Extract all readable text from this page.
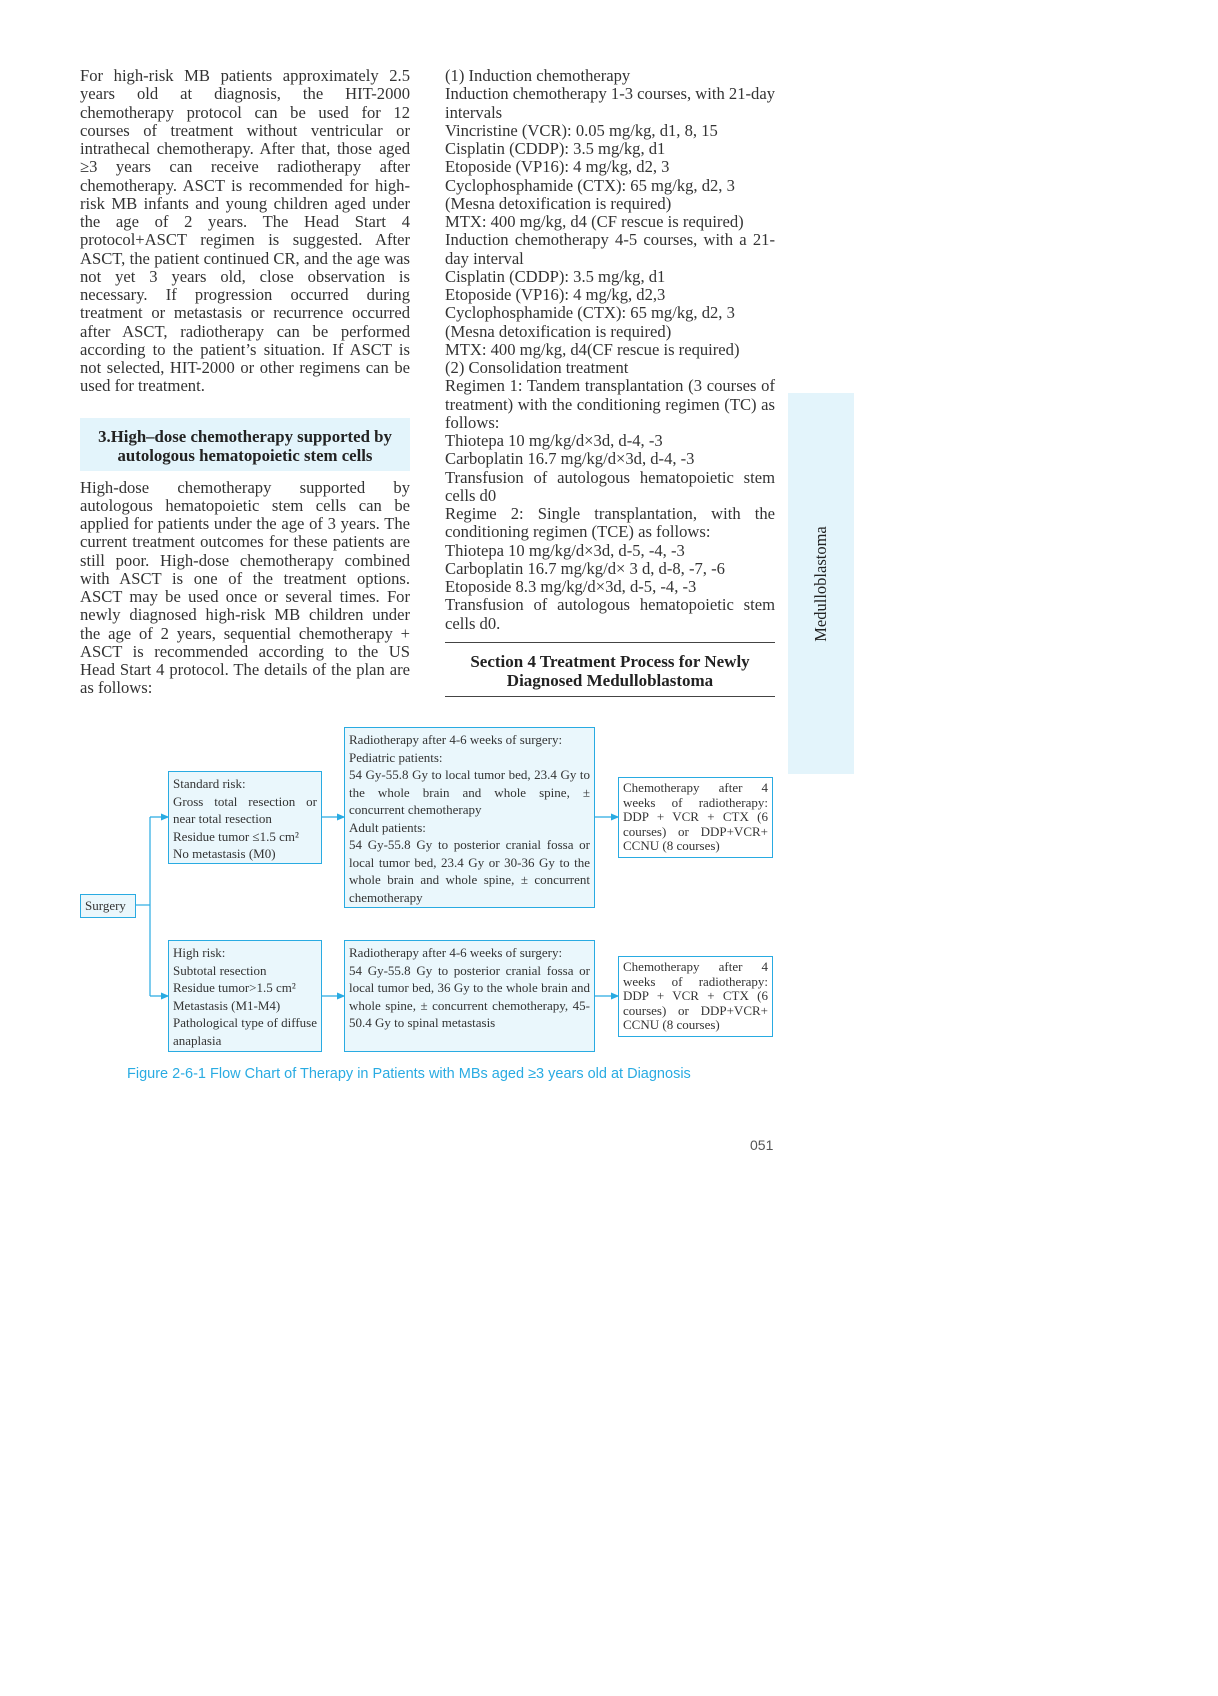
For high-risk MB patients approximately 2.5 years old at diagnosis, the HIT-2000 chemotherapy protocol can be used for 12 courses of treatment without ventricular or intrathecal chemotherapy. After that, those aged ≥3 years can receive radiotherapy after chemotherapy. ASCT is recommended for high-risk MB infants and young children aged under the age of 2 years. The Head Start 4 protocol+ASCT regimen is suggested. After ASCT, the patient continued CR, and the age was not yet 3 years old, close observation is necessary. If progression occurred during treatment or metastasis or recurrence occurred after ASCT, radiotherapy can be performed according to the patient’s situation. If ASCT is not selected, HIT-2000 or other regimens can be used for treatment.

3.High–dose chemotherapy supported by
autologous hematopoietic stem cells

High-dose chemotherapy supported by autologous hematopoietic stem cells can be applied for patients under the age of 3 years. The current treatment outcomes for these patients are still poor. High-dose chemotherapy combined with ASCT is one of the treatment options. ASCT may be used once or several times. For newly diagnosed high-risk MB children under the age of 2 years, sequential chemotherapy + ASCT is recommended according to the US Head Start 4 protocol. The details of the plan are as follows:

(1) Induction chemotherapy

Induction chemotherapy 1-3 courses, with 21-day intervals

Vincristine (VCR): 0.05 mg/kg, d1, 8, 15

Cisplatin (CDDP): 3.5 mg/kg, d1

Etoposide (VP16): 4 mg/kg, d2, 3

Cyclophosphamide (CTX): 65 mg/kg, d2, 3

(Mesna detoxification is required)

MTX: 400 mg/kg, d4 (CF rescue is required)

Induction chemotherapy 4-5 courses, with a 21-day interval

Cisplatin (CDDP): 3.5 mg/kg, d1

Etoposide (VP16): 4 mg/kg, d2,3

Cyclophosphamide (CTX): 65 mg/kg, d2, 3

(Mesna detoxification is required)

MTX: 400 mg/kg, d4(CF rescue is required)

(2) Consolidation treatment

Regimen 1: Tandem transplantation (3 courses of treatment) with the conditioning regimen (TC) as follows:

Thiotepa 10 mg/kg/d×3d, d-4, -3

Carboplatin 16.7 mg/kg/d×3d, d-4, -3

Transfusion of autologous hematopoietic stem cells d0

Regime 2: Single transplantation, with the conditioning regimen (TCE) as follows:

Thiotepa 10 mg/kg/d×3d, d-5, -4, -3

Carboplatin 16.7 mg/kg/d× 3 d, d-8, -7, -6

Etoposide 8.3 mg/kg/d×3d, d-5, -4, -3

Transfusion of autologous hematopoietic stem cells d0.

Section 4 Treatment Process for Newly
Diagnosed Medulloblastoma
Medulloblastoma
Surgery
Standard risk:
Gross total resection or near total resection
Residue tumor ≤1.5 cm²
No metastasis (M0)
High risk:
Subtotal resection
Residue tumor>1.5 cm²
Metastasis (M1-M4)
Pathological type of diffuse anaplasia
Radiotherapy after 4-6 weeks of surgery:
Pediatric patients:
54 Gy-55.8 Gy to local tumor bed, 23.4 Gy to the whole brain and whole spine, ± concurrent chemotherapy
Adult patients:
54 Gy-55.8 Gy to posterior cranial fossa or local tumor bed, 23.4 Gy or 30-36 Gy to the whole brain and whole spine, ± concurrent chemotherapy
Radiotherapy after 4-6 weeks of surgery:
54 Gy-55.8 Gy to posterior cranial fossa or local tumor bed, 36 Gy to the whole brain and whole spine, ± concurrent chemotherapy, 45-50.4 Gy to spinal metastasis
Chemotherapy after 4 weeks of radiotherapy: DDP + VCR + CTX (6 courses) or DDP+VCR+ CCNU (8 courses)
Chemotherapy after 4 weeks of radiotherapy: DDP + VCR + CTX (6 courses) or DDP+VCR+ CCNU (8 courses)
Figure 2-6-1 Flow Chart of Therapy in Patients with MBs aged ≥3 years old at Diagnosis
051
